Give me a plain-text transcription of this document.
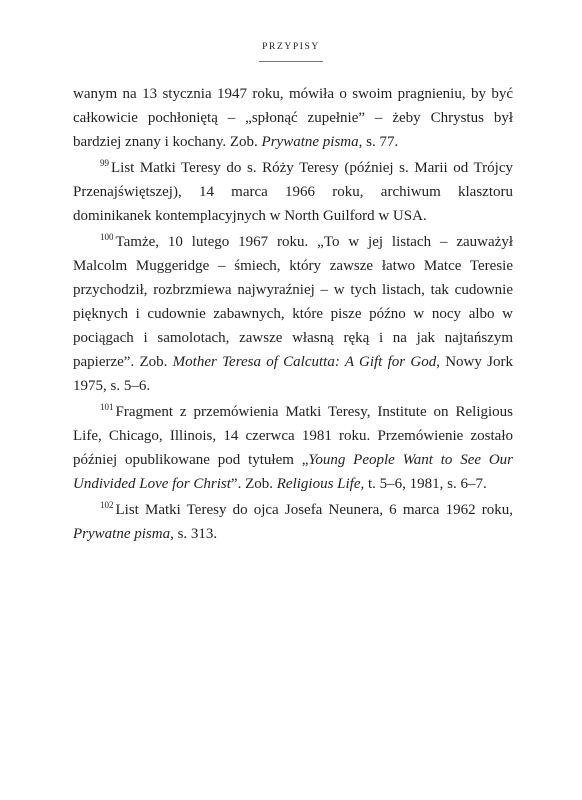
PRZYPISY

wanym na 13 stycznia 1947 roku, mówiła o swoim pragnieniu, by być całkowicie pochłoniętą – „spłonąć zupełnie” – żeby Chrystus był bardziej znany i kochany. Zob. Prywatne pisma, s. 77.

$^{99}$ List Matki Teresy do s. Róży Teresy (później s. Marii od Trójcy Przenajświętszej), 14 marca 1966 roku, archiwum klasztoru dominikanek kontemplacyjnych w North Guilford w USA.

$^{100}$ Tamże, 10 lutego 1967 roku. „To w jej listach – zauważył Malcolm Muggeridge – śmiech, który zawsze łatwo Matce Teresie przychodził, rozbrzmiewa najwyraźniej – w tych listach, tak cudownie pięknych i cudownie zabawnych, które pisze późno w nocy albo w pociągach i samolotach, zawsze własną ręką i na jak najtańszym papierze”. Zob. Mother Teresa of Calcutta: A Gift for God, Nowy Jork 1975, s. 5–6.

$^{101}$ Fragment z przemówienia Matki Teresy, Institute on Religious Life, Chicago, Illinois, 14 czerwca 1981 roku. Przemówienie zostało później opublikowane pod tytułem „Young People Want to See Our Undivided Love for Christ”. Zob. Religious Life, t. 5–6, 1981, s. 6–7.

$^{102}$ List Matki Teresy do ojca Josefa Neunera, 6 marca 1962 roku, Prywatne pisma, s. 313.
